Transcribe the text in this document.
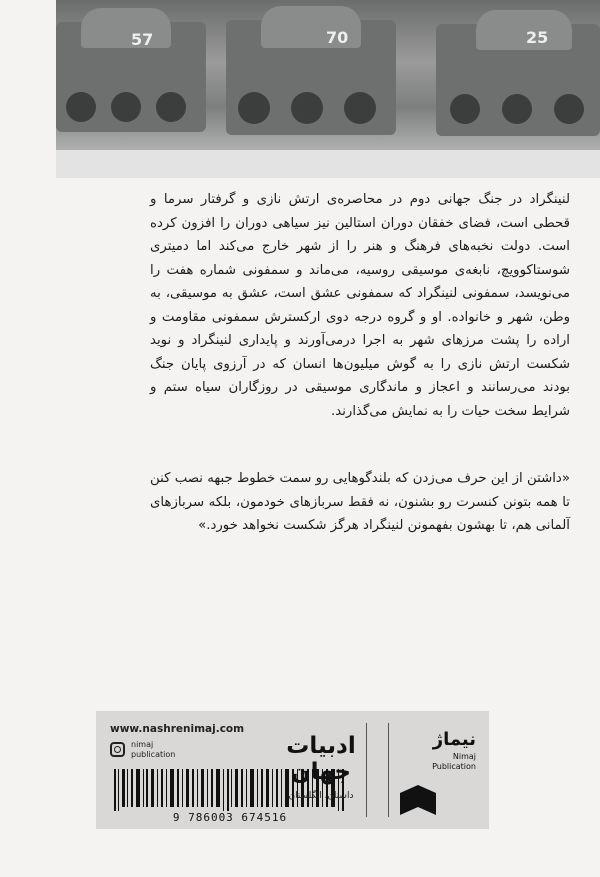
57	70	25
لنینگراد در جنگ جهانی دوم در محاصره‌ی ارتش نازی و گرفتار سرما و قحطی است، فضای خفقان دوران استالین نیز سیاهی دوران را افزون کرده است. دولت نخبه‌های فرهنگ و هنر را از شهر خارج می‌کند اما دمیتری شوستاکوویچ، نابغه‌ی موسیقی روسیه، می‌ماند و سمفونی شماره هفت را می‌نویسد، سمفونی لنینگراد که سمفونی عشق است، عشق به موسیقی، به وطن، شهر و خانواده. او و گروه درجه دوی ارکسترش سمفونی مقاومت و اراده را پشت مرزهای شهر به اجرا درمی‌آورند و پایداری لنینگراد و نوید شکست ارتش نازی را به گوش میلیون‌ها انسان که در آرزوی پایان جنگ بودند می‌رسانند و اعجاز و ماندگاری موسیقی در روزگاران سیاه ستم و شرایط سخت حیات را به نمایش می‌گذارند.
«داشتن از این حرف می‌زدن که بلندگوهایی رو سمت خطوط جبهه نصب کنن تا همه بتونن کنسرت رو بشنون، نه فقط سربازهای خودمون، بلکه سربازهای آلمانی هم، تا بهشون بفهمونن لنینگراد هرگز شکست نخواهد خورد.»
www.nashrenimaj.com
nimaj
publication
9 786003 674516
ادبیات
جهان
داستان، انگلستان
نیماژ
Nimaj
Publication
